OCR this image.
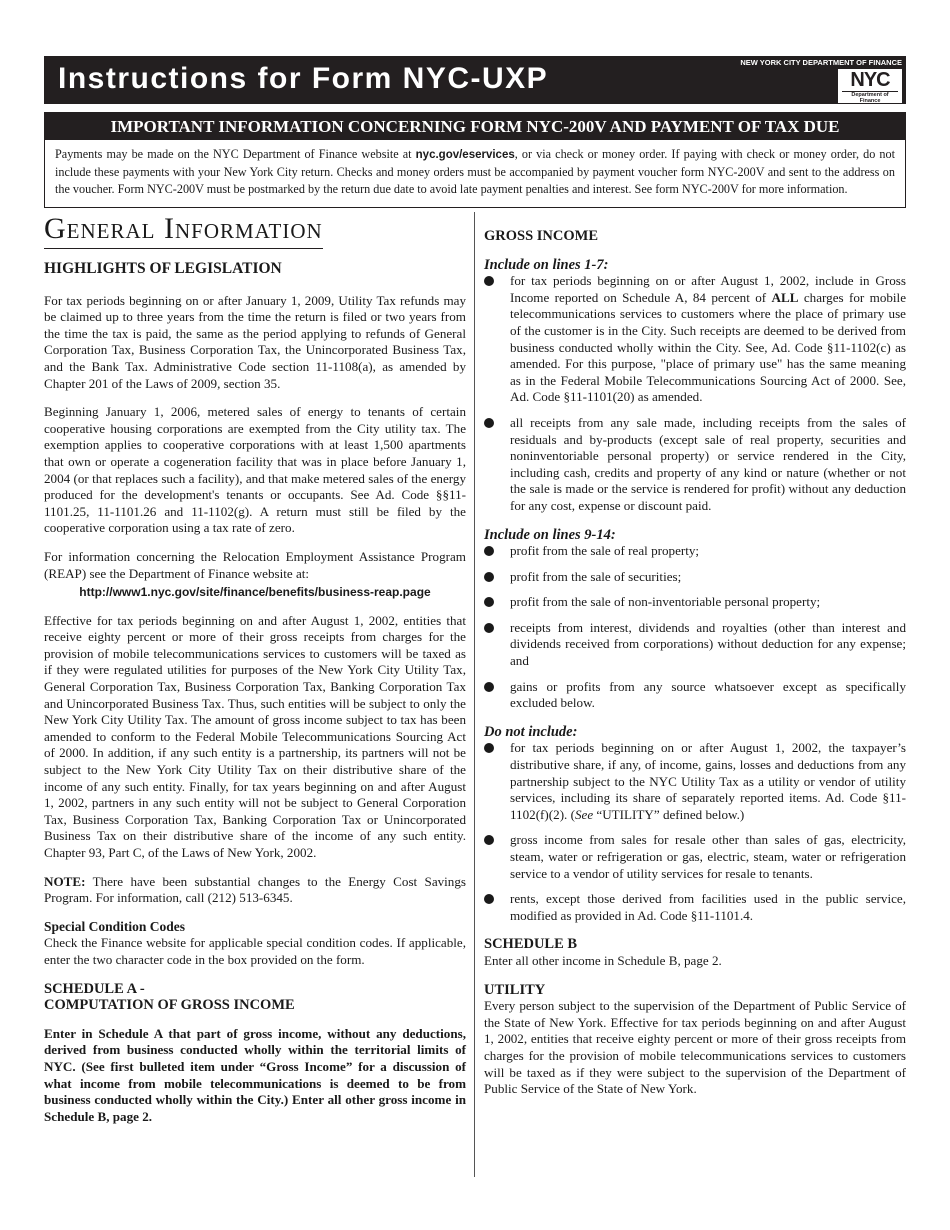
Instructions for Form NYC-UXP	NEW YORK CITY DEPARTMENT OF FINANCE
NYC
Department of Finance
IMPORTANT INFORMATION CONCERNING FORM NYC-200V AND PAYMENT OF TAX DUE
Payments may be made on the NYC Department of Finance website at nyc.gov/eservices, or via check or money order. If paying with check or money order, do not include these payments with your New York City return. Checks and money orders must be accompanied by payment voucher form NYC-200V and sent to the address on the voucher. Form NYC-200V must be postmarked by the return due date to avoid late payment penalties and interest. See form NYC-200V for more information.
General Information
HIGHLIGHTS OF LEGISLATION

For tax periods beginning on or after January 1, 2009, Utility Tax refunds may be claimed up to three years from the time the return is filed or two years from the time the tax is paid, the same as the period applying to refunds of General Corporation Tax, Business Corporation Tax, the Unincorporated Business Tax, and the Bank Tax. Administrative Code section 11-1108(a), as amended by Chapter 201 of the Laws of 2009, section 35.

Beginning January 1, 2006, metered sales of energy to tenants of certain cooperative housing corporations are exempted from the City utility tax. The exemption applies to cooperative corporations with at least 1,500 apartments that own or operate a cogeneration facility that was in place before January 1, 2004 (or that replaces such a facility), and that make metered sales of the energy produced for the development's tenants or occupants. See Ad. Code §§11-1101.25, 11-1101.26 and 11-1102(g). A return must still be filed by the cooperative corporation using a tax rate of zero.

For information concerning the Relocation Employment Assistance Program (REAP) see the Department of Finance website at:

http://www1.nyc.gov/site/finance/benefits/business-reap.page

Effective for tax periods beginning on and after August 1, 2002, entities that receive eighty percent or more of their gross receipts from charges for the provision of mobile telecommunications services to customers will be taxed as if they were regulated utilities for purposes of the New York City Utility Tax, General Corporation Tax, Business Corporation Tax, Banking Corporation Tax and Unincorporated Business Tax. Thus, such entities will be subject to only the New York City Utility Tax. The amount of gross income subject to tax has been amended to conform to the Federal Mobile Telecommunications Sourcing Act of 2000. In addition, if any such entity is a partnership, its partners will not be subject to the New York City Utility Tax on their distributive share of the income of any such entity. Finally, for tax years beginning on and after August 1, 2002, partners in any such entity will not be subject to General Corporation Tax, Business Corporation Tax, Banking Corporation Tax or Unincorporated Business Tax on their distributive share of the income of any such entity. Chapter 93, Part C, of the Laws of New York, 2002.

NOTE: There have been substantial changes to the Energy Cost Savings Program. For information, call (212) 513-6345.

Special Condition Codes

Check the Finance website for applicable special condition codes. If applicable, enter the two character code in the box provided on the form.

SCHEDULE A -
COMPUTATION OF GROSS INCOME

Enter in Schedule A that part of gross income, without any deductions, derived from business conducted wholly within the territorial limits of NYC. (See first bulleted item under “Gross Income” for a discussion of what income from mobile telecommunications is deemed to be from business conducted wholly within the City.) Enter all other gross income in Schedule B, page 2.

GROSS INCOME
Include on lines 1-7:
for tax periods beginning on or after August 1, 2002, include in Gross Income reported on Schedule A, 84 percent of ALL charges for mobile telecommunications services to customers where the place of primary use of the customer is in the City. Such receipts are deemed to be derived from business conducted wholly within the City. See, Ad. Code §11-1102(c) as amended. For this purpose, "place of primary use" has the same meaning as in the Federal Mobile Telecommunications Sourcing Act of 2000. See, Ad. Code §11-1101(20) as amended.
all receipts from any sale made, including receipts from the sales of residuals and by-products (except sale of real property, securities and noninventoriable personal property) or service rendered in the City, including cash, credits and property of any kind or nature (whether or not the sale is made or the service is rendered for profit) without any deduction for any cost, expense or discount paid.
Include on lines 9-14:
profit from the sale of real property;
profit from the sale of securities;
profit from the sale of non-inventoriable personal property;
receipts from interest, dividends and royalties (other than interest and dividends received from corporations) without deduction for any expense; and
gains or profits from any source whatsoever except as specifically excluded below.
Do not include:
for tax periods beginning on or after August 1, 2002, the taxpayer’s distributive share, if any, of income, gains, losses and deductions from any partnership subject to the NYC Utility Tax as a utility or vendor of utility services, including its share of separately reported items. Ad. Code §11-1102(f)(2). (See “UTILITY” defined below.)
gross income from sales for resale other than sales of gas, electricity, steam, water or refrigeration or gas, electric, steam, water or refrigeration service to a vendor of utility services for resale to tenants.
rents, except those derived from facilities used in the public service, modified as provided in Ad. Code §11-1101.4.
SCHEDULE B

Enter all other income in Schedule B, page 2.

UTILITY

Every person subject to the supervision of the Department of Public Service of the State of New York. Effective for tax periods beginning on and after August 1, 2002, entities that receive eighty percent or more of their gross receipts from charges for the provision of mobile telecommunications services to customers will be taxed as if they were subject to the supervision of the Department of Public Service of the State of New York.
